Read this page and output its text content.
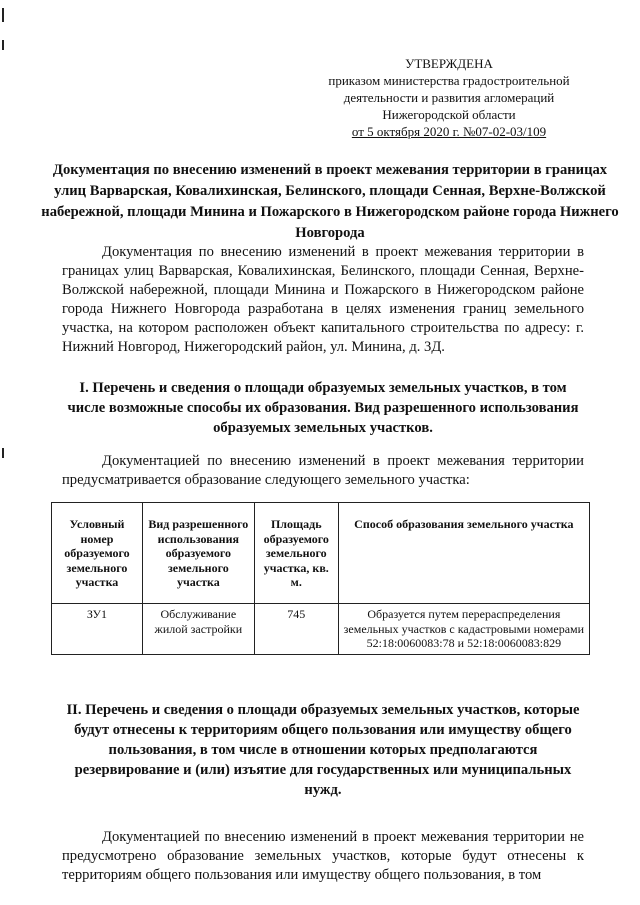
УТВЕРЖДЕНА
приказом министерства градостроительной
деятельности и развития агломераций
Нижегородской области
от 5 октября 2020 г. №07-02-03/109
Документация по внесению изменений в проект межевания территории в границах улиц Варварская, Ковалихинская, Белинского, площади Сенная, Верхне-Волжской набережной, площади Минина и Пожарского в Нижегородском районе города Нижнего Новгорода

Документация по внесению изменений в проект межевания территории в границах улиц Варварская, Ковалихинская, Белинского, площади Сенная, Верхне-Волжской набережной, площади Минина и Пожарского в Нижегородском районе города Нижнего Новгорода разработана в целях изменения границ земельного участка, на котором расположен объект капитального строительства по адресу: г. Нижний Новгород, Нижегородский район, ул. Минина, д. 3Д.

I. Перечень и сведения о площади образуемых земельных участков, в том числе возможные способы их образования. Вид разрешенного использования образуемых земельных участков.

Документацией по внесению изменений в проект межевания территории предусматривается образование следующего земельного участка:

Условный номер образуемого земельного участка	Вид разрешенного использования образуемого земельного участка	Площадь образуемого земельного участка, кв. м.	Способ образования земельного участка
ЗУ1	Обслуживание жилой застройки	745	Образуется путем перераспределения земельных участков с кадастровыми номерами 52:18:0060083:78 и 52:18:0060083:829
II. Перечень и сведения о площади образуемых земельных участков, которые будут отнесены к территориям общего пользования или имуществу общего пользования, в том числе в отношении которых предполагаются резервирование и (или) изъятие для государственных или муниципальных нужд.

Документацией по внесению изменений в проект межевания территории не предусмотрено образование земельных участков, которые будут отнесены к территориям общего пользования или имуществу общего пользования, в том
